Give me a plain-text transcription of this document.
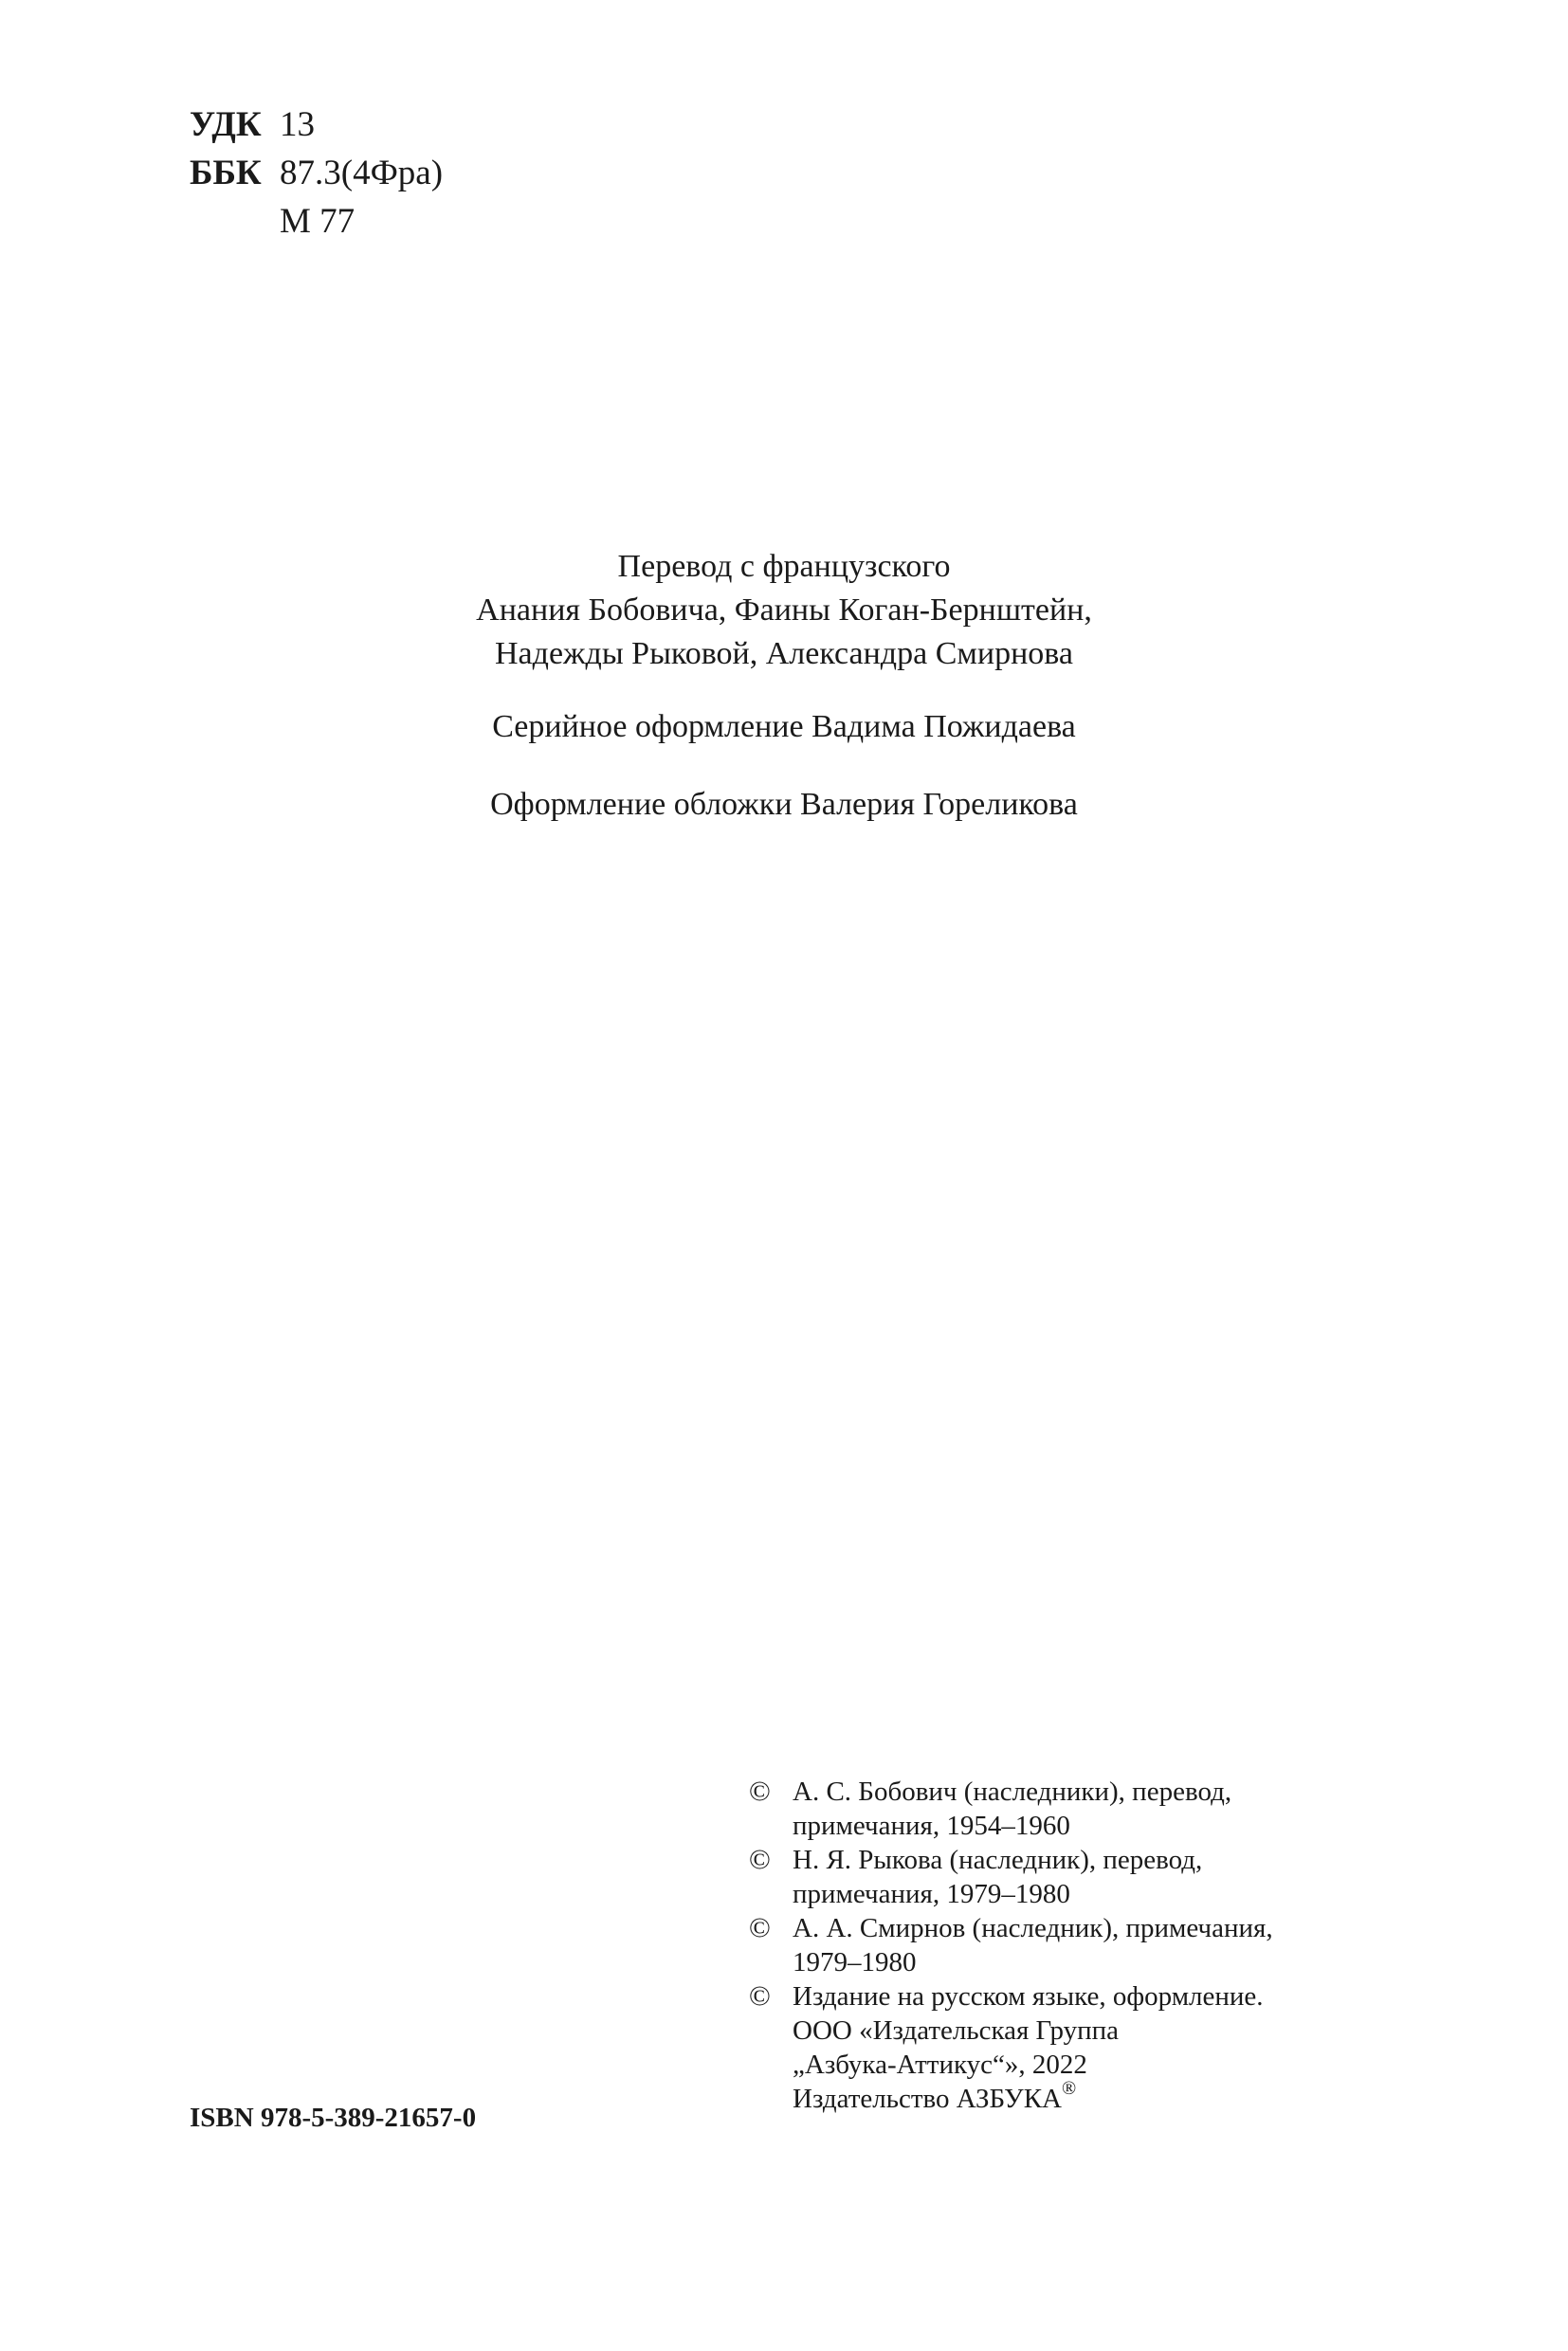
УДК 13
ББК 87.3(4Фра)
М 77
Перевод с французского
Анания Бобовича, Фаины Коган-Бернштейн,
Надежды Рыковой, Александра Смирнова
Серийное оформление Вадима Пожидаева
Оформление обложки Валерия Гореликова
© А. С. Бобович (наследники), перевод,
примечания, 1954–1960
© Н. Я. Рыкова (наследник), перевод,
примечания, 1979–1980
© А. А. Смирнов (наследник), примечания,
1979–1980
© Издание на русском языке, оформление.
ООО «Издательская Группа
„Азбука-Аттикус“», 2022
Издательство АЗБУКА®
ISBN 978-5-389-21657-0
